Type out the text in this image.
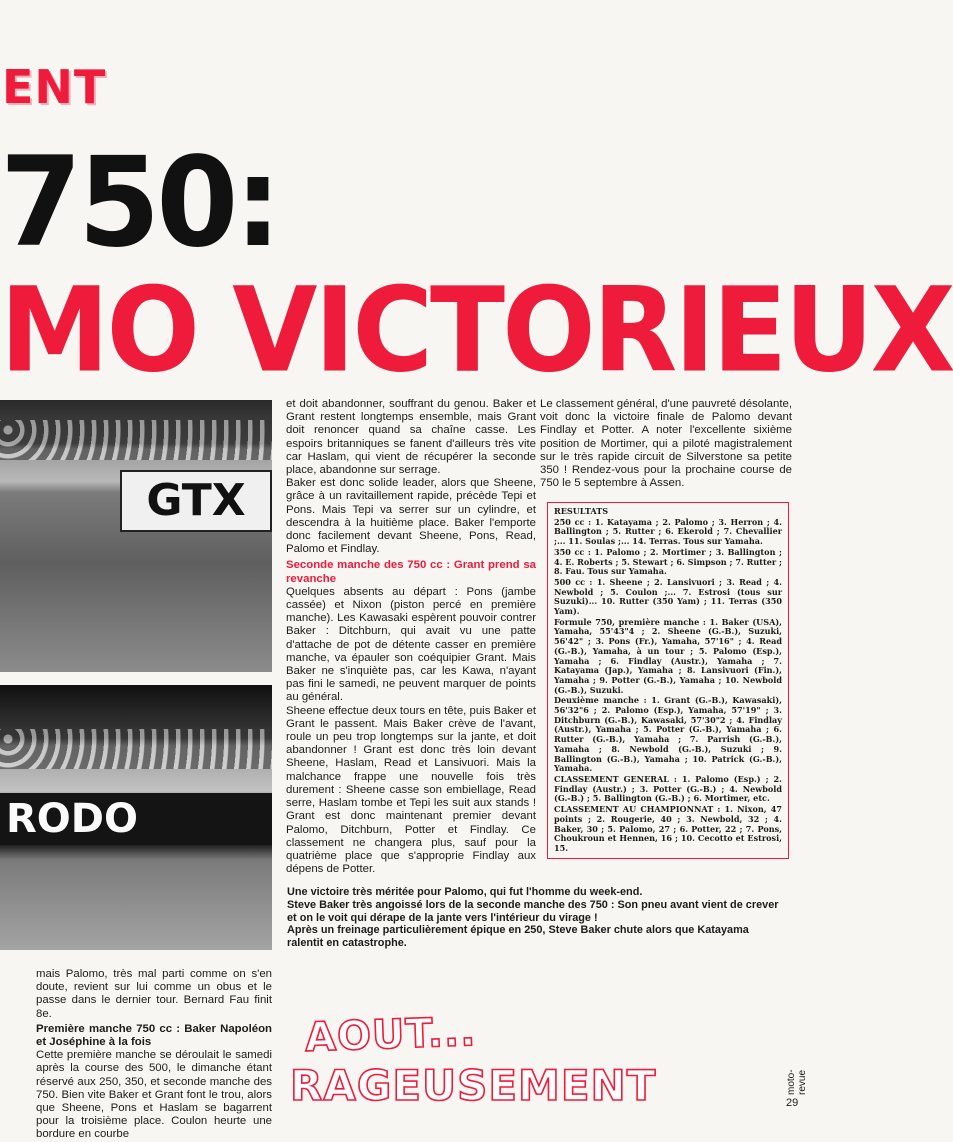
ENT
750:
MO VICTORIEUX
GTX
RODO

et doit abandonner, souffrant du genou. Baker et Grant restent longtemps ensemble, mais Grant doit renoncer quand sa chaîne casse. Les espoirs britanniques se fanent d'ailleurs très vite car Haslam, qui vient de récupérer la seconde place, abandonne sur serrage.

Baker est donc solide leader, alors que Sheene, grâce à un ravitaillement rapide, précède Tepi et Pons. Mais Tepi va serrer sur un cylindre, et descendra à la huitième place. Baker l'emporte donc facilement devant Sheene, Pons, Read, Palomo et Findlay.

Seconde manche des 750 cc : Grant prend sa revanche

Quelques absents au départ : Pons (jambe cassée) et Nixon (piston percé en première manche). Les Kawasaki espèrent pouvoir contrer Baker : Ditchburn, qui avait vu une patte d'attache de pot de détente casser en première manche, va épauler son coéquipier Grant. Mais Baker ne s'inquiète pas, car les Kawa, n'ayant pas fini le samedi, ne peuvent marquer de points au général.

Sheene effectue deux tours en tête, puis Baker et Grant le passent. Mais Baker crève de l'avant, roule un peu trop longtemps sur la jante, et doit abandonner ! Grant est donc très loin devant Sheene, Haslam, Read et Lansivuori. Mais la malchance frappe une nouvelle fois très durement : Sheene casse son embiellage, Read serre, Haslam tombe et Tepi les suit aux stands ! Grant est donc maintenant premier devant Palomo, Ditchburn, Potter et Findlay. Ce classement ne changera plus, sauf pour la quatrième place que s'approprie Findlay aux dépens de Potter.

Le classement général, d'une pauvreté désolante, voit donc la victoire finale de Palomo devant Findlay et Potter. A noter l'excellente sixième position de Mortimer, qui a piloté magistralement sur le très rapide circuit de Silverstone sa petite 350 ! Rendez-vous pour la prochaine course de 750 le 5 septembre à Assen.

RESULTATS

250 cc : 1. Katayama ; 2. Palomo ; 3. Herron ; 4. Ballington ; 5. Rutter ; 6. Ekerold ; 7. Chevallier ;... 11. Soulas ;... 14. Terras. Tous sur Yamaha.

350 cc : 1. Palomo ; 2. Mortimer ; 3. Ballington ; 4. E. Roberts ; 5. Stewart ; 6. Simpson ; 7. Rutter ; 8. Fau. Tous sur Yamaha.

500 cc : 1. Sheene ; 2. Lansivuori ; 3. Read ; 4. Newbold ; 5. Coulon ;... 7. Estrosi (tous sur Suzuki)... 10. Rutter (350 Yam) ; 11. Terras (350 Yam).

Formule 750, première manche : 1. Baker (USA), Yamaha, 55'43"4 ; 2. Sheene (G.-B.), Suzuki, 56'42" ; 3. Pons (Fr.), Yamaha, 57'16" ; 4. Read (G.-B.), Yamaha, à un tour ; 5. Palomo (Esp.), Yamaha ; 6. Findlay (Austr.), Yamaha ; 7. Katayama (Jap.), Yamaha ; 8. Lansivuori (Fin.), Yamaha ; 9. Potter (G.-B.), Yamaha ; 10. Newbold (G.-B.), Suzuki.

Deuxième manche : 1. Grant (G.-B.), Kawasaki), 56'32"6 ; 2. Palomo (Esp.), Yamaha, 57'19" ; 3. Ditchburn (G.-B.), Kawasaki, 57'30"2 ; 4. Findlay (Austr.), Yamaha ; 5. Potter (G.-B.), Yamaha ; 6. Rutter (G.-B.), Yamaha ; 7. Parrish (G.-B.), Yamaha ; 8. Newbold (G.-B.), Suzuki ; 9. Ballington (G.-B.), Yamaha ; 10. Patrick (G.-B.), Yamaha.

CLASSEMENT GENERAL : 1. Palomo (Esp.) ; 2. Findlay (Austr.) ; 3. Potter (G.-B.) ; 4. Newbold (G.-B.) ; 5. Ballington (G.-B.) ; 6. Mortimer, etc.

CLASSEMENT AU CHAMPIONNAT : 1. Nixon, 47 points ; 2. Rougerie, 40 ; 3. Newbold, 32 ; 4. Baker, 30 ; 5. Palomo, 27 ; 6. Potter, 22 ; 7. Pons, Choukroun et Hennen, 16 ; 10. Cecotto et Estrosi, 15.

Une victoire très méritée pour Palomo, qui fut l'homme du week-end.

Steve Baker très angoissé lors de la seconde manche des 750 : Son pneu avant vient de crever et on le voit qui dérape de la jante vers l'intérieur du virage !

Après un freinage particulièrement épique en 250, Steve Baker chute alors que Katayama ralentit en catastrophe.

mais Palomo, très mal parti comme on s'en doute, revient sur lui comme un obus et le passe dans le dernier tour. Bernard Fau finit 8e.

Première manche 750 cc : Baker Napoléon et Joséphine à la fois

Cette première manche se déroulait le samedi après la course des 500, le dimanche étant réservé aux 250, 350, et seconde manche des 750. Bien vite Baker et Grant font le trou, alors que Sheene, Pons et Haslam se bagarrent pour la troisième place. Coulon heurte une bordure en courbe

AOUT...
RAGEUSEMENT	moto-revue
29
